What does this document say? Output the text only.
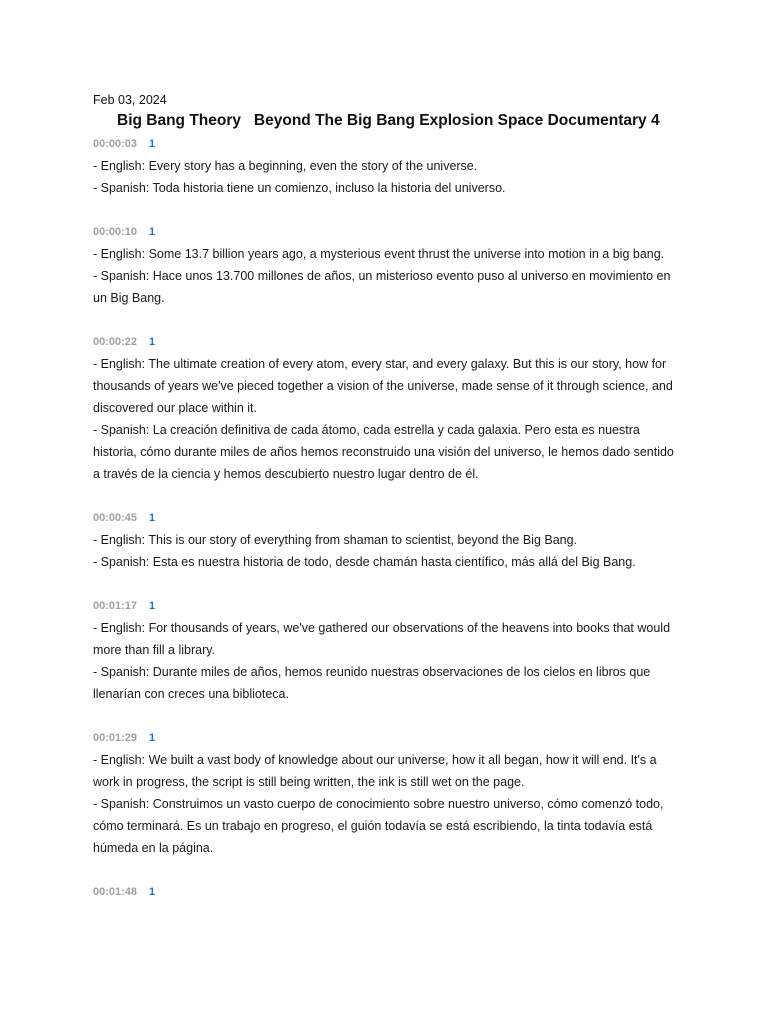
Feb 03, 2024
Big Bang Theory   Beyond The Big Bang Explosion Space Documentary 4
00:00:03 1
- English: Every story has a beginning, even the story of the universe.
- Spanish: Toda historia tiene un comienzo, incluso la historia del universo.
00:00:10 1
- English: Some 13.7 billion years ago, a mysterious event thrust the universe into motion in a big bang.
- Spanish: Hace unos 13.700 millones de años, un misterioso evento puso al universo en movimiento en un Big Bang.
00:00:22 1
- English: The ultimate creation of every atom, every star, and every galaxy. But this is our story, how for thousands of years we've pieced together a vision of the universe, made sense of it through science, and discovered our place within it.
- Spanish: La creación definitiva de cada átomo, cada estrella y cada galaxia. Pero esta es nuestra historia, cómo durante miles de años hemos reconstruido una visión del universo, le hemos dado sentido a través de la ciencia y hemos descubierto nuestro lugar dentro de él.
00:00:45 1
- English: This is our story of everything from shaman to scientist, beyond the Big Bang.
- Spanish: Esta es nuestra historia de todo, desde chamán hasta científico, más allá del Big Bang.
00:01:17 1
- English: For thousands of years, we've gathered our observations of the heavens into books that would more than fill a library.
- Spanish: Durante miles de años, hemos reunido nuestras observaciones de los cielos en libros que llenarían con creces una biblioteca.
00:01:29 1
- English: We built a vast body of knowledge about our universe, how it all began, how it will end. It's a work in progress, the script is still being written, the ink is still wet on the page.
- Spanish: Construimos un vasto cuerpo de conocimiento sobre nuestro universo, cómo comenzó todo, cómo terminará. Es un trabajo en progreso, el guión todavía se está escribiendo, la tinta todavía está húmeda en la página.
00:01:48 1
